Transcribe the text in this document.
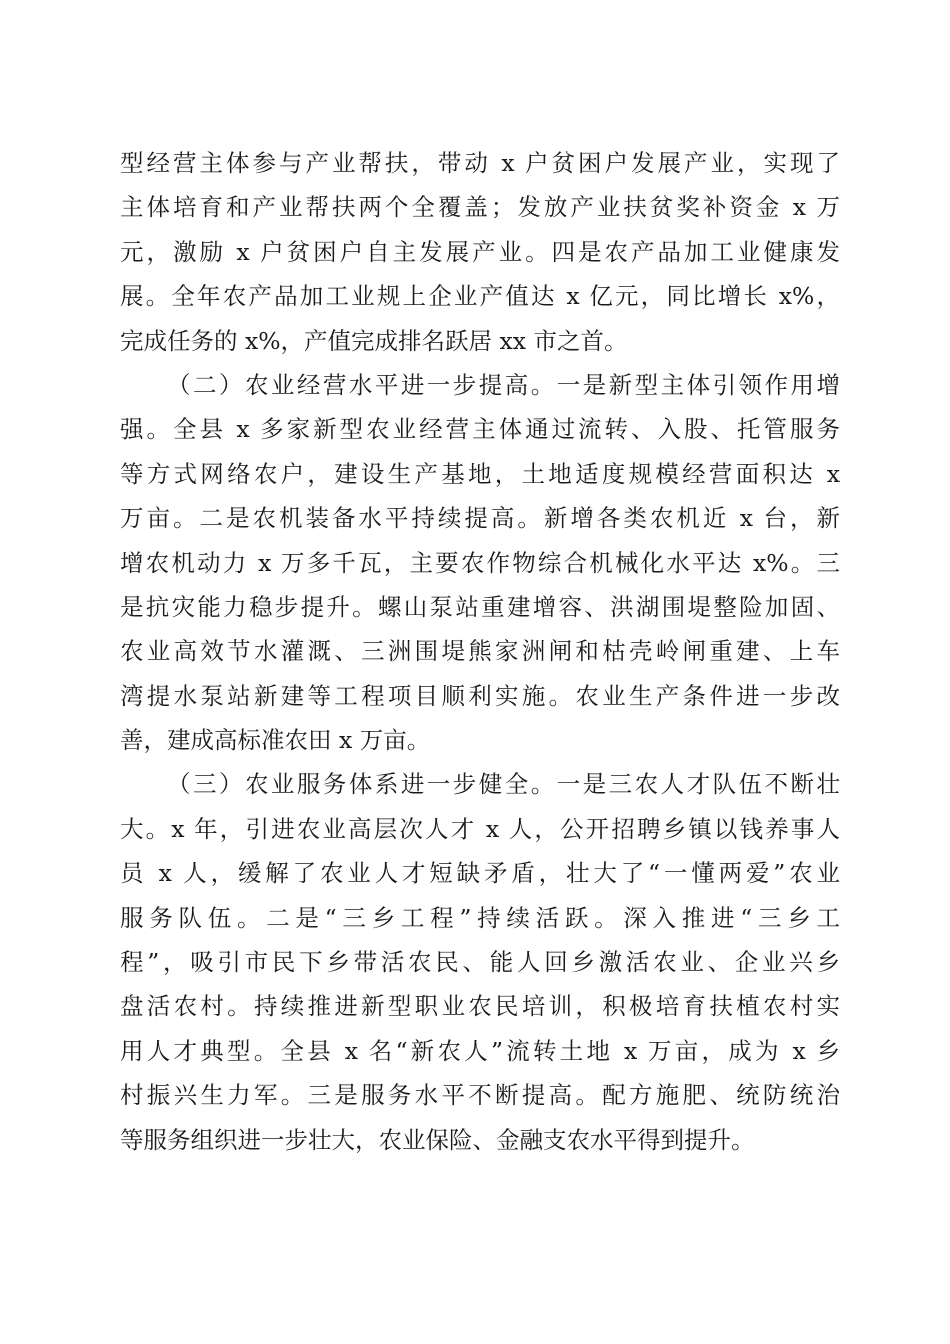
型经营主体参与产业帮扶，带动 x 户贫困户发展产业，实现了
主体培育和产业帮扶两个全覆盖；发放产业扶贫奖补资金 x 万
元，激励 x 户贫困户自主发展产业。四是农产品加工业健康发
展。全年农产品加工业规上企业产值达 x 亿元，同比增长 x%，
完成任务的 x%，产值完成排名跃居 xx 市之首。
（二）农业经营水平进一步提高。一是新型主体引领作用增
强。全县 x 多家新型农业经营主体通过流转、入股、托管服务
等方式网络农户，建设生产基地，土地适度规模经营面积达 x
万亩。二是农机装备水平持续提高。新增各类农机近 x 台，新
增农机动力 x 万多千瓦，主要农作物综合机械化水平达 x%。三
是抗灾能力稳步提升。螺山泵站重建增容、洪湖围堤整险加固、
农业高效节水灌溉、三洲围堤熊家洲闸和枯壳岭闸重建、上车
湾提水泵站新建等工程项目顺利实施。农业生产条件进一步改
善，建成高标准农田 x 万亩。
（三）农业服务体系进一步健全。一是三农人才队伍不断壮
大。x 年，引进农业高层次人才 x 人，公开招聘乡镇以钱养事人
员 x 人，缓解了农业人才短缺矛盾，壮大了“一懂两爱”农业
服务队伍。二是“三乡工程”持续活跃。深入推进“三乡工
程”，吸引市民下乡带活农民、能人回乡激活农业、企业兴乡
盘活农村。持续推进新型职业农民培训，积极培育扶植农村实
用人才典型。全县 x 名“新农人”流转土地 x 万亩，成为 x 乡
村振兴生力军。三是服务水平不断提高。配方施肥、统防统治
等服务组织进一步壮大，农业保险、金融支农水平得到提升。
